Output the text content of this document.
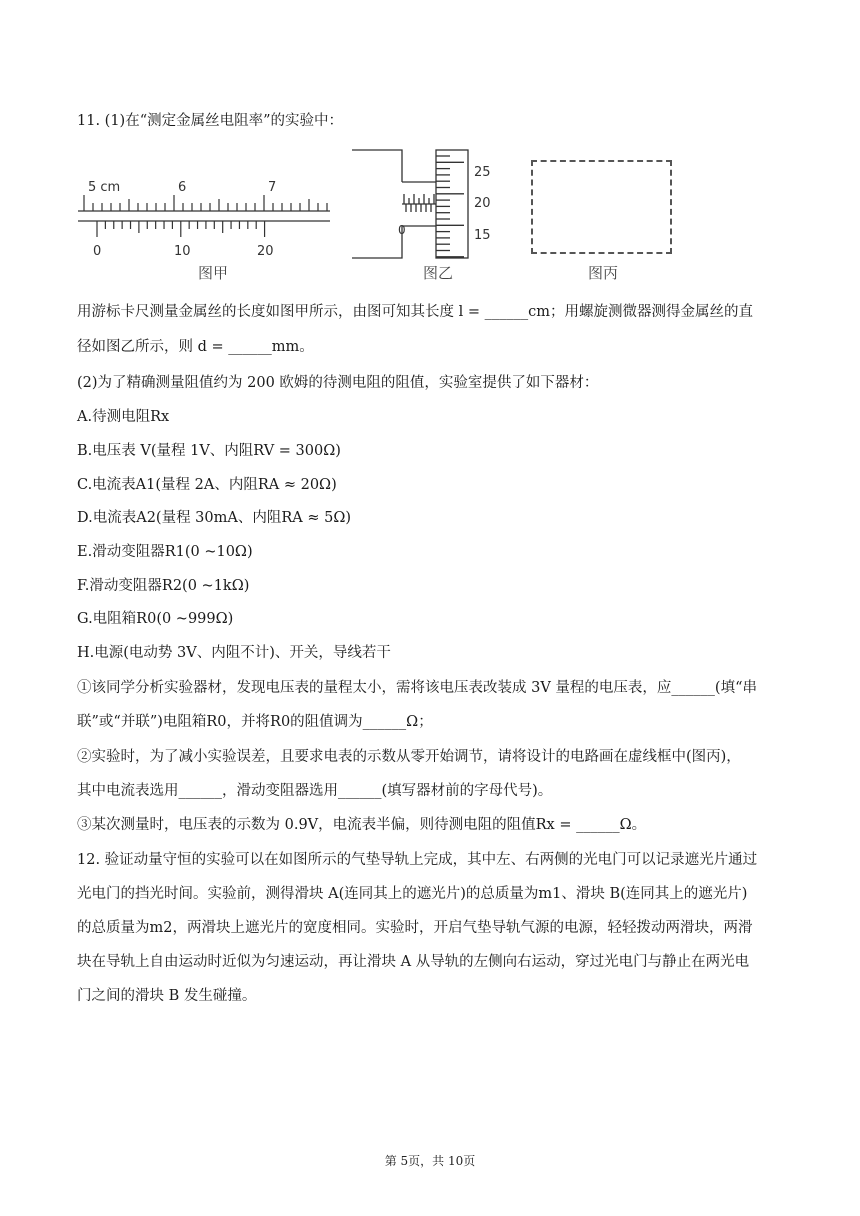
11. (1)在“测定金属丝电阻率”的实验中：
5 cm	6	7
0	10	20
图甲
0
25
20
15
图乙	图丙
用游标卡尺测量金属丝的长度如图甲所示，由图可知其长度 l = ______cm；用螺旋测微器测得金属丝的直
径如图乙所示，则 d = ______mm。
(2)为了精确测量阻值约为 200 欧姆的待测电阻的阻值，实验室提供了如下器材：
A.待测电阻Rx
B.电压表 V(量程 1V、内阻RV = 300Ω)
C.电流表A1(量程 2A、内阻RA ≈ 20Ω)
D.电流表A2(量程 30mA、内阻RA ≈ 5Ω)
E.滑动变阻器R1(0 ~10Ω)
F.滑动变阻器R2(0 ~1kΩ)
G.电阻箱R0(0 ~999Ω)
H.电源(电动势 3V、内阻不计)、开关，导线若干
①该同学分析实验器材，发现电压表的量程太小，需将该电压表改装成 3V 量程的电压表，应______(填“串
联”或“并联”)电阻箱R0，并将R0的阻值调为______Ω；
②实验时，为了减小实验误差，且要求电表的示数从零开始调节，请将设计的电路画在虚线框中(图丙)，
其中电流表选用______，滑动变阻器选用______(填写器材前的字母代号)。
③某次测量时，电压表的示数为 0.9V，电流表半偏，则待测电阻的阻值Rx = ______Ω。
12. 验证动量守恒的实验可以在如图所示的气垫导轨上完成，其中左、右两侧的光电门可以记录遮光片通过
光电门的挡光时间。实验前，测得滑块 A(连同其上的遮光片)的总质量为m1、滑块 B(连同其上的遮光片)
的总质量为m2，两滑块上遮光片的宽度相同。实验时，开启气垫导轨气源的电源，轻轻拨动两滑块，两滑
块在导轨上自由运动时近似为匀速运动，再让滑块 A 从导轨的左侧向右运动，穿过光电门与静止在两光电
门之间的滑块 B 发生碰撞。
第 5页，共 10页
